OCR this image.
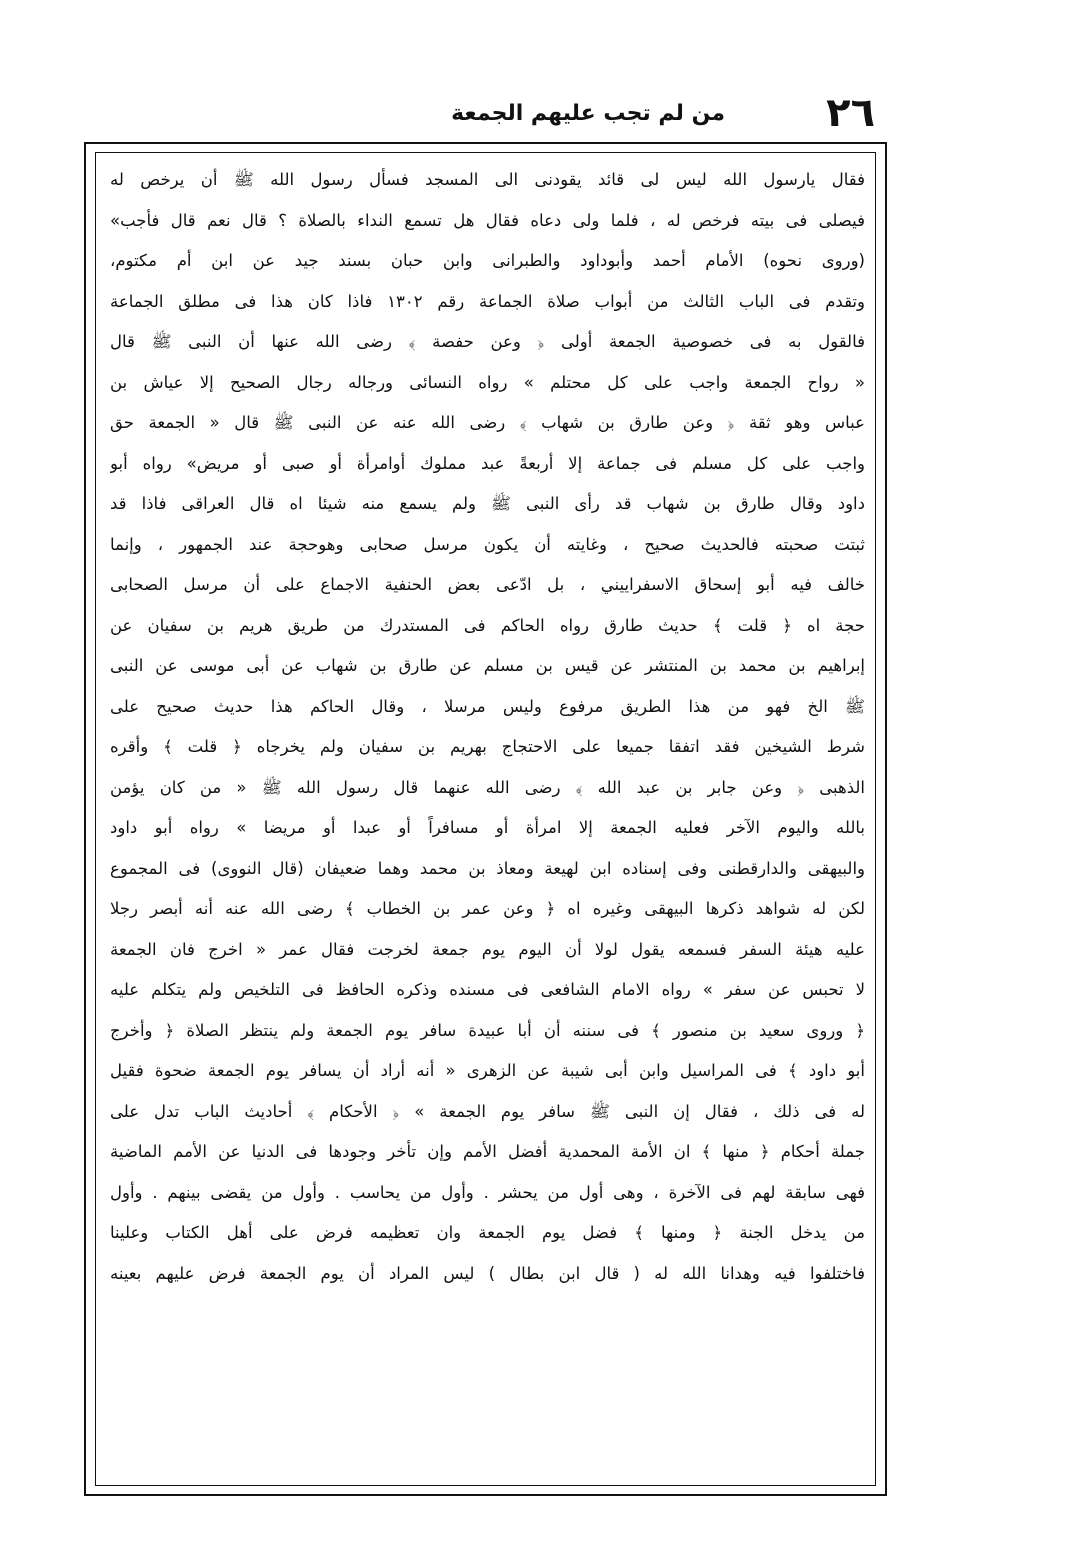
٢٦
من لم تجب عليهم الجمعة
فقال يارسول الله ليس لى قائد يقودنى الى المسجد فسأل رسول الله ﷺ أن يرخص له
فيصلى فى بيته فرخص له ، فلما ولى دعاه فقال هل تسمع النداء بالصلاة ؟ قال نعم قال فأجب»
(وروى نحوه) الأمام أحمد وأبوداود والطبرانى وابن حبان بسند جيد عن ابن أم مكتوم،
وتقدم فى الباب الثالث من أبواب صلاة الجماعة رقم ١٣٠٢ فاذا كان هذا فى مطلق الجماعة
فالقول به فى خصوصية الجمعة أولى ﴿ وعن حفصة ﴾ رضى الله عنها أن النبى ﷺ قال
« رواح الجمعة واجب على كل محتلم » رواه النسائى ورجاله رجال الصحيح إلا عياش بن
عباس وهو ثقة ﴿ وعن طارق بن شهاب ﴾ رضى الله عنه عن النبى ﷺ قال « الجمعة حق
واجب على كل مسلم فى جماعة إلا أربعةً عبد مملوك أوامرأة أو صبى أو مريض» رواه أبو
داود وقال طارق بن شهاب قد رأى النبى ﷺ ولم يسمع منه شيئا اه قال العراقى فاذا قد
ثبتت صحبته فالحديث صحيح ، وغايته أن يكون مرسل صحابى وهوحجة عند الجمهور ، وإنما
خالف فيه أبو إسحاق الاسفراييني ، بل ادّعى بعض الحنفية الاجماع على أن مرسل الصحابى
حجة اه ﴿ قلت ﴾ حديث طارق رواه الحاكم فى المستدرك من طريق هريم بن سفيان عن
إبراهيم بن محمد بن المنتشر عن قيس بن مسلم عن طارق بن شهاب عن أبى موسى عن النبى
ﷺ الخ فهو من هذا الطريق مرفوع وليس مرسلا ، وقال الحاكم هذا حديث صحيح على
شرط الشيخين فقد اتفقا جميعا على الاحتجاج بهريم بن سفيان ولم يخرجاه ﴿ قلت ﴾ وأقره
الذهبى ﴿ وعن جابر بن عبد الله ﴾ رضى الله عنهما قال رسول الله ﷺ « من كان يؤمن
بالله واليوم الآخر فعليه الجمعة إلا امرأة أو مسافراً أو عبدا أو مريضا » رواه أبو داود
والبيهقى والدارقطنى وفى إسناده ابن لهيعة ومعاذ بن محمد وهما ضعيفان (قال النووى) فى المجموع
لكن له شواهد ذكرها البيهقى وغيره اه ﴿ وعن عمر بن الخطاب ﴾ رضى الله عنه أنه أبصر رجلا
عليه هيئة السفر فسمعه يقول لولا أن اليوم يوم جمعة لخرجت فقال عمر « اخرج فان الجمعة
لا تحبس عن سفر » رواه الامام الشافعى فى مسنده وذكره الحافظ فى التلخيص ولم يتكلم عليه
﴿ وروى سعيد بن منصور ﴾ فى سننه أن أبا عبيدة سافر يوم الجمعة ولم ينتظر الصلاة ﴿ وأخرج
أبو داود ﴾ فى المراسيل وابن أبى شيبة عن الزهرى « أنه أراد أن يسافر يوم الجمعة ضحوة فقيل
له فى ذلك ، فقال إن النبى ﷺ سافر يوم الجمعة » ﴿ الأحكام ﴾ أحاديث الباب تدل على
جملة أحكام ﴿ منها ﴾ ان الأمة المحمدية أفضل الأمم وإن تأخر وجودها فى الدنيا عن الأمم الماضية
فهى سابقة لهم فى الآخرة ، وهى أول من يحشر . وأول من يحاسب . وأول من يقضى بينهم . وأول
من يدخل الجنة ﴿ ومنها ﴾ فضل يوم الجمعة وان تعظيمه فرض على أهل الكتاب وعلينا
فاختلفوا فيه وهدانا الله له ( قال ابن بطال ) ليس المراد أن يوم الجمعة فرض عليهم بعينه
